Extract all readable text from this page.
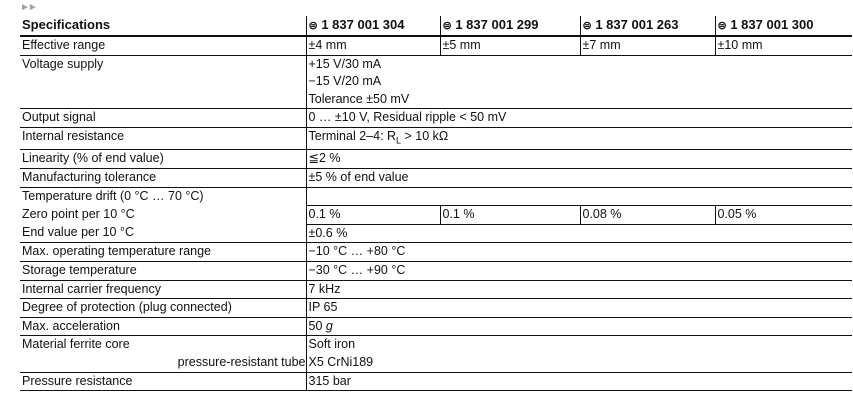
►►
Specifications	⊜ 1 837 001 304	⊜ 1 837 001 299	⊜ 1 837 001 263	⊜ 1 837 001 300
Effective range	±4 mm	±5 mm	±7 mm	±10 mm
Voltage supply	+15 V/30 mA			
	−15 V/20 mA			
	Tolerance ±50 mV			
Output signal	0 … ±10 V, Residual ripple < 50 mV			
Internal resistance	Terminal 2–4: $R_L > 10$ kΩ			
Linearity (% of end value)	≦2 %			
Manufacturing tolerance	±5 % of end value			
Temperature drift (0 °C … 70 °C)				
Zero point per 10 °C	0.1 %	0.1 %	0.08 %	0.05 %
End value per 10 °C	±0.6 %			
Max. operating temperature range	−10 °C … +80 °C			
Storage temperature	−30 °C … +90 °C			
Internal carrier frequency	7 kHz			
Degree of protection (plug connected)	IP 65			
Max. acceleration	50 g			
Material ferrite core	Soft iron			
pressure-resistant tube	X5 CrNi189			
Pressure resistance	315 bar			
